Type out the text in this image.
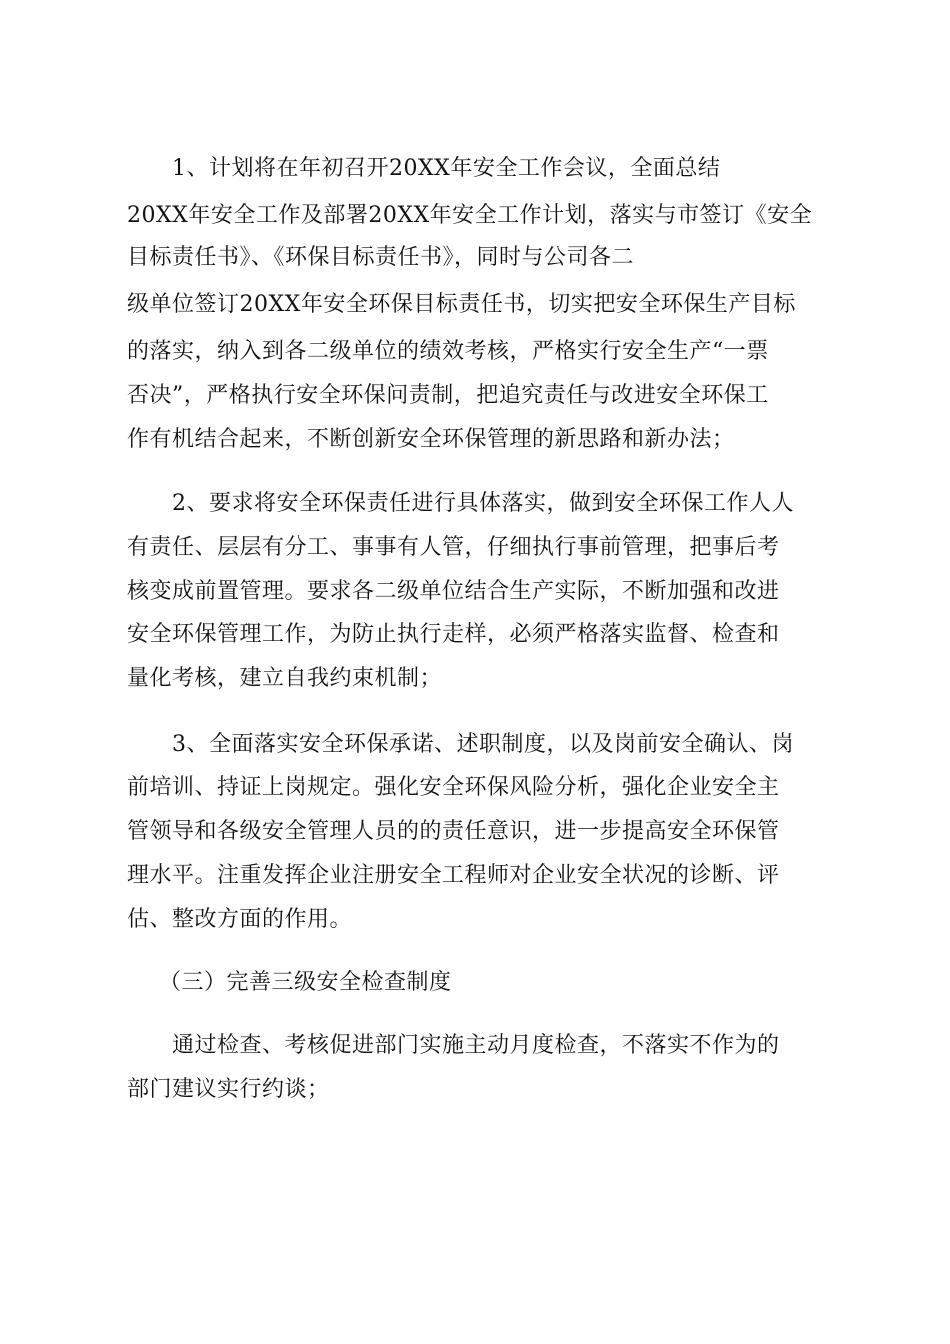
1、计划将在年初召开20XX年安全工作会议，全面总结

20XX年安全工作及部署20XX年安全工作计划，落实与市签订《安全

目标责任书》、《环保目标责任书》，同时与公司各二

级单位签订20XX年安全环保目标责任书，切实把安全环保生产目标

的落实，纳入到各二级单位的绩效考核，严格实行安全生产“一票

否决”，严格执行安全环保问责制，把追究责任与改进安全环保工

作有机结合起来，不断创新安全环保管理的新思路和新办法；

2、要求将安全环保责任进行具体落实，做到安全环保工作人人

有责任、层层有分工、事事有人管，仔细执行事前管理，把事后考

核变成前置管理。要求各二级单位结合生产实际，不断加强和改进

安全环保管理工作，为防止执行走样，必须严格落实监督、检查和

量化考核，建立自我约束机制；

3、全面落实安全环保承诺、述职制度，以及岗前安全确认、岗

前培训、持证上岗规定。强化安全环保风险分析，强化企业安全主

管领导和各级安全管理人员的的责任意识，进一步提高安全环保管

理水平。注重发挥企业注册安全工程师对企业安全状况的诊断、评

估、整改方面的作用。

（三）完善三级安全检查制度

通过检查、考核促进部门实施主动月度检查，不落实不作为的

部门建议实行约谈；
